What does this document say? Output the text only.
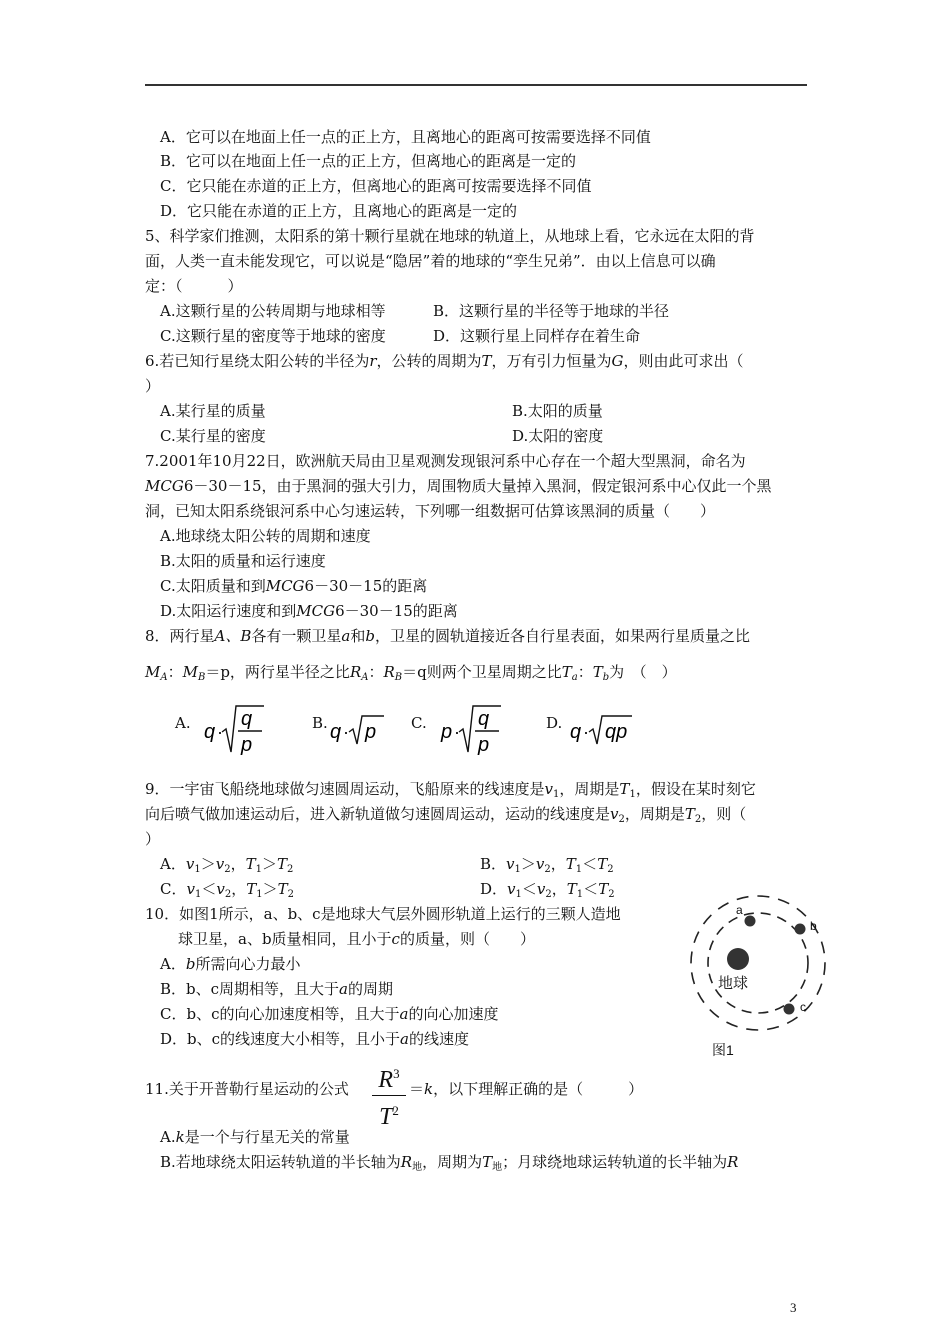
A．它可以在地面上任一点的正上方，且离地心的距离可按需要选择不同值
B．它可以在地面上任一点的正上方，但离地心的距离是一定的
C．它只能在赤道的正上方，但离地心的距离可按需要选择不同值
D．它只能在赤道的正上方，且离地心的距离是一定的
5、科学家们推测，太阳系的第十颗行星就在地球的轨道上，从地球上看，它永远在太阳的背
面，人类一直未能发现它，可以说是“隐居”着的地球的“孪生兄弟”．由以上信息可以确
定：（　　　）
A.这颗行星的公转周期与地球相等	B．这颗行星的半径等于地球的半径
C.这颗行星的密度等于地球的密度	D．这颗行星上同样存在着生命
6.若已知行星绕太阳公转的半径为r，公转的周期为T，万有引力恒量为G，则由此可求出（
）
A.某行星的质量	B.太阳的质量
C.某行星的密度	D.太阳的密度
7.2001年10月22日，欧洲航天局由卫星观测发现银河系中心存在一个超大型黑洞，命名为
MCG6－30－15，由于黑洞的强大引力，周围物质大量掉入黑洞，假定银河系中心仅此一个黑
洞，已知太阳系绕银河系中心匀速运转，下列哪一组数据可估算该黑洞的质量（　　）
A.地球绕太阳公转的周期和速度
B.太阳的质量和运行速度
C.太阳质量和到MCG6－30－15的距离
D.太阳运行速度和到MCG6－30－15的距离
8．两行星A、B各有一颗卫星a和b，卫星的圆轨道接近各自行星表面，如果两行星质量之比
$M_A$：$M_B=p$，两行星半径之比$R_A$：$R_B=q$则两个卫星周期之比$T_a$：$T_b$为　（　）
A. q ·
q
p
B. q · p C. p ·
q
p
D. q · qp
9．一宇宙飞船绕地球做匀速圆周运动，飞船原来的线速度是$v_1$，周期是$T_1$，假设在某时刻它
向后喷气做加速运动后，进入新轨道做匀速圆周运动，运动的线速度是$v_2$，周期是$T_2$，则（
）
A．$v_1>v_2$，$T_1>T_2$	B．$v_1>v_2$，$T_1<T_2$
C．$v_1<v_2$，$T_1>T_2$	D．$v_1<v_2$，$T_1<T_2$
10．如图1所示，a、b、c是地球大气层外圆形轨道上运行的三颗人造地
球卫星，a、b质量相同，且小于c的质量，则（　　）
A．b所需向心力最小
B．b、c周期相等，且大于a的周期
C．b、c的向心加速度相等，且大于a的向心加速度
D．b、c的线速度大小相等，且小于a的线速度
地球
a
b
c
图1
11.关于开普勒行星运动的公式 $R^3$
$T^2$
＝k，以下理解正确的是（　　　）
A.k是一个与行星无关的常量
B.若地球绕太阳运转轨道的半长轴为$R_地$，周期为$T_地$；月球绕地球运转轨道的长半轴为R
3
